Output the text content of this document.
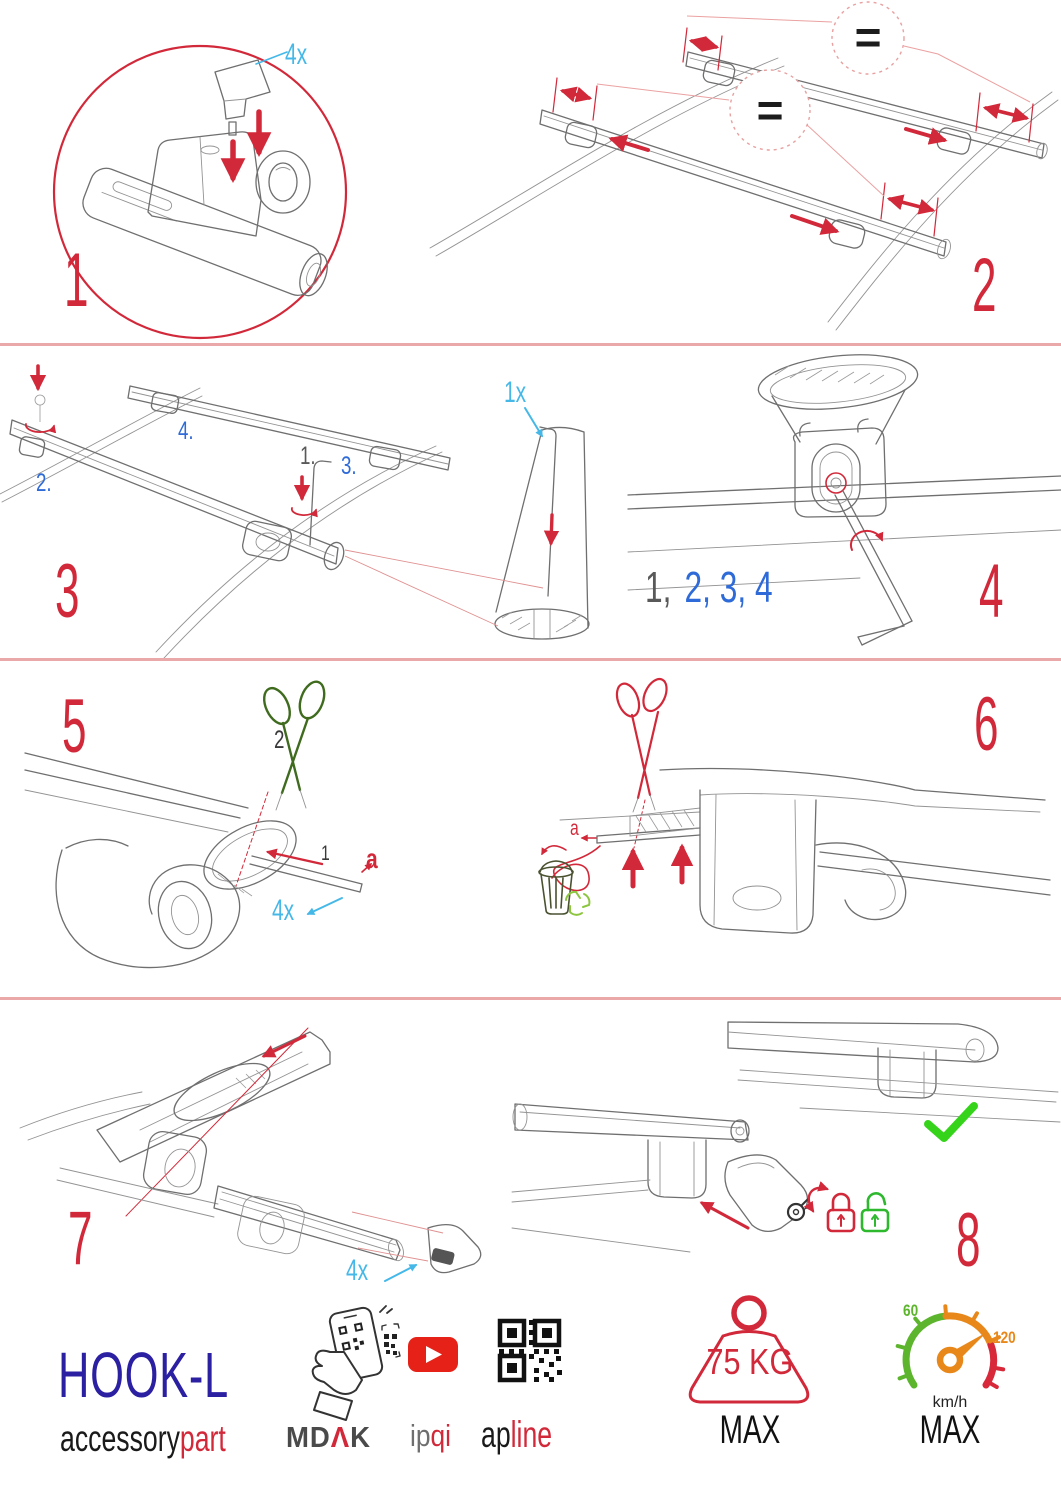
=
=
1	2
3	4
5	6
7	8
4x
1x
4x
4x
1.
2.
3.
4.
1, 2, 3, 4
2
1 a
a
HOOK-L
accessorypart MDΛK ipqi apline
75 KG
MAX
60
120
km/h
MAX
